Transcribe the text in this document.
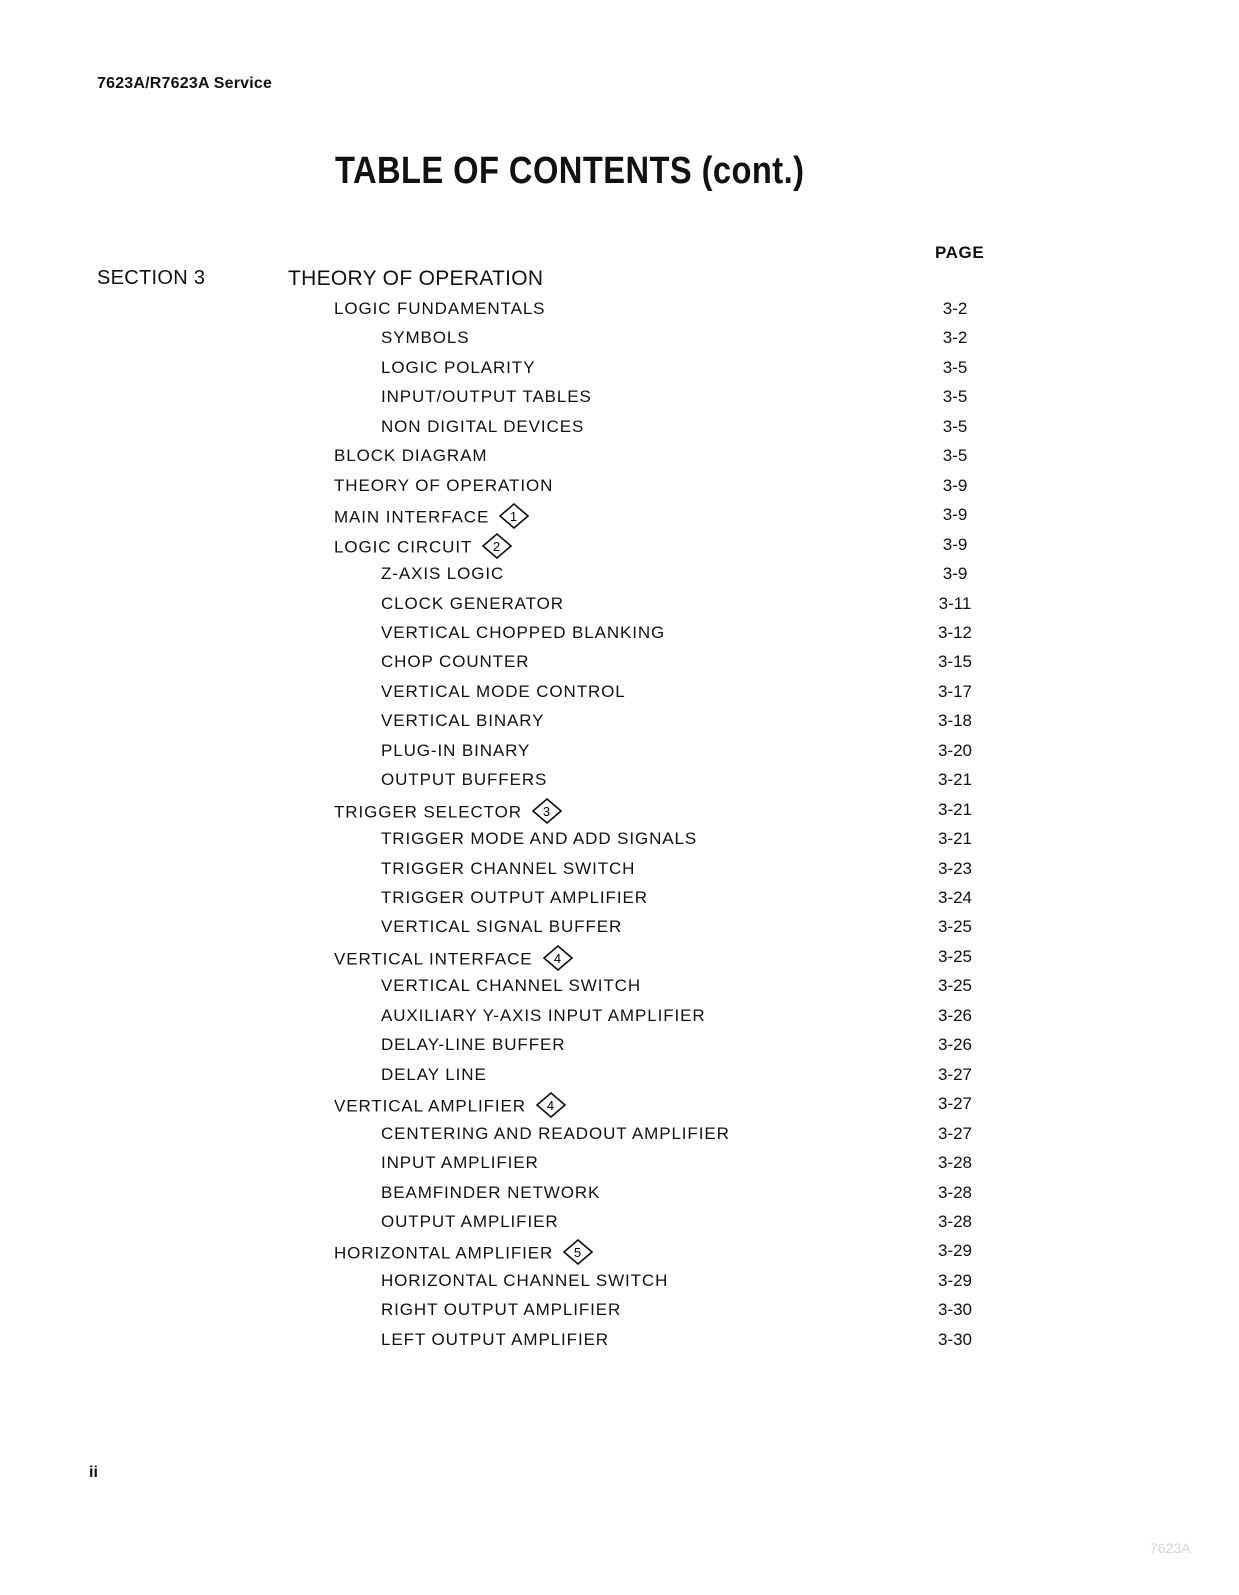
7623A/R7623A Service
TABLE OF CONTENTS (cont.)
PAGE
SECTION 3	THEORY OF OPERATION
LOGIC FUNDAMENTALS	3-2
SYMBOLS	3-2
LOGIC POLARITY	3-5
INPUT/OUTPUT TABLES	3-5
NON DIGITAL DEVICES	3-5
BLOCK DIAGRAM	3-5
THEORY OF OPERATION	3-9
MAIN INTERFACE 1	3-9
LOGIC CIRCUIT 2	3-9
Z-AXIS LOGIC	3-9
CLOCK GENERATOR	3-11
VERTICAL CHOPPED BLANKING	3-12
CHOP COUNTER	3-15
VERTICAL MODE CONTROL	3-17
VERTICAL BINARY	3-18
PLUG-IN BINARY	3-20
OUTPUT BUFFERS	3-21
TRIGGER SELECTOR 3	3-21
TRIGGER MODE AND ADD SIGNALS	3-21
TRIGGER CHANNEL SWITCH	3-23
TRIGGER OUTPUT AMPLIFIER	3-24
VERTICAL SIGNAL BUFFER	3-25
VERTICAL INTERFACE 4	3-25
VERTICAL CHANNEL SWITCH	3-25
AUXILIARY Y-AXIS INPUT AMPLIFIER	3-26
DELAY-LINE BUFFER	3-26
DELAY LINE	3-27
VERTICAL AMPLIFIER 4	3-27
CENTERING AND READOUT AMPLIFIER	3-27
INPUT AMPLIFIER	3-28
BEAMFINDER NETWORK	3-28
OUTPUT AMPLIFIER	3-28
HORIZONTAL AMPLIFIER 5	3-29
HORIZONTAL CHANNEL SWITCH	3-29
RIGHT OUTPUT AMPLIFIER	3-30
LEFT OUTPUT AMPLIFIER	3-30
ii
7623A
